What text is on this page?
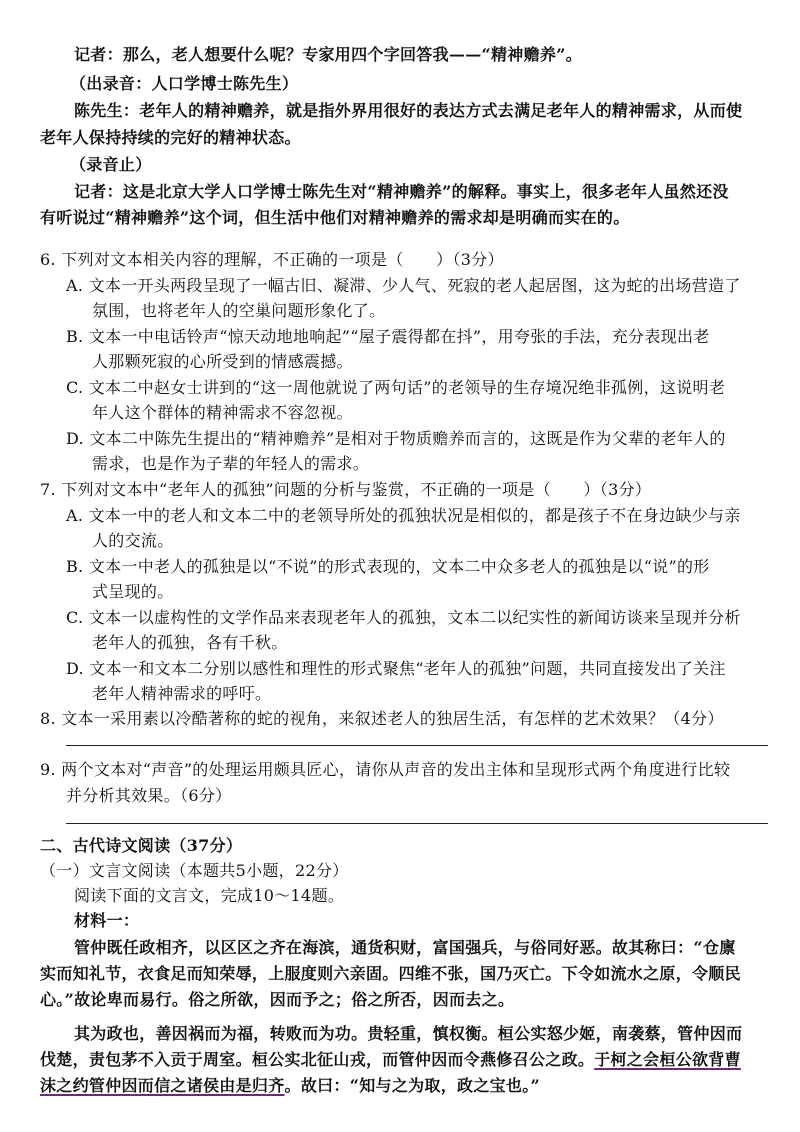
记者：那么，老人想要什么呢？专家用四个字回答我——“精神赡养”。
（出录音：人口学博士陈先生）
陈先生：老年人的精神赡养，就是指外界用很好的表达方式去满足老年人的精神需求，从而使
老年人保持持续的完好的精神状态。
（录音止）
记者：这是北京大学人口学博士陈先生对“精神赡养”的解释。事实上，很多老年人虽然还没
有听说过“精神赡养”这个词，但生活中他们对精神赡养的需求却是明确而实在的。
6. 下列对文本相关内容的理解，不正确的一项是（　　）（3分）
A. 文本一开头两段呈现了一幅古旧、凝滞、少人气、死寂的老人起居图，这为蛇的出场营造了
氛围，也将老年人的空巢问题形象化了。
B. 文本一中电话铃声“惊天动地地响起”“屋子震得都在抖”，用夸张的手法，充分表现出老
人那颗死寂的心所受到的情感震撼。
C. 文本二中赵女士讲到的“这一周他就说了两句话”的老领导的生存境况绝非孤例，这说明老
年人这个群体的精神需求不容忽视。
D. 文本二中陈先生提出的“精神赡养”是相对于物质赡养而言的，这既是作为父辈的老年人的
需求，也是作为子辈的年轻人的需求。
7. 下列对文本中“老年人的孤独”问题的分析与鉴赏，不正确的一项是（　　）（3分）
A. 文本一中的老人和文本二中的老领导所处的孤独状况是相似的，都是孩子不在身边缺少与亲
人的交流。
B. 文本一中老人的孤独是以“不说”的形式表现的，文本二中众多老人的孤独是以“说”的形
式呈现的。
C. 文本一以虚构性的文学作品来表现老年人的孤独，文本二以纪实性的新闻访谈来呈现并分析
老年人的孤独，各有千秋。
D. 文本一和文本二分别以感性和理性的形式聚焦“老年人的孤独”问题，共同直接发出了关注
老年人精神需求的呼吁。
8. 文本一采用素以冷酷著称的蛇的视角，来叙述老人的独居生活，有怎样的艺术效果？（4分）
9. 两个文本对“声音”的处理运用颇具匠心，请你从声音的发出主体和呈现形式两个角度进行比较
并分析其效果。（6分）
二、古代诗文阅读（37分）
（一）文言文阅读（本题共5小题，22分）
阅读下面的文言文，完成10～14题。
材料一：
管仲既任政相齐，以区区之齐在海滨，通货积财，富国强兵，与俗同好恶。故其称曰：“仓廪
实而知礼节，衣食足而知荣辱，上服度则六亲固。四维不张，国乃灭亡。下令如流水之原，令顺民
心。”故论卑而易行。俗之所欲，因而予之；俗之所否，因而去之。
其为政也，善因祸而为福，转败而为功。贵轻重，慎权衡。桓公实怒少姬，南袭蔡，管仲因而
伐楚，责包茅不入贡于周室。桓公实北征山戎，而管仲因而令燕修召公之政。于柯之会桓公欲背曹
沫之约管仲因而信之诸侯由是归齐。故曰：“知与之为取，政之宝也。”
